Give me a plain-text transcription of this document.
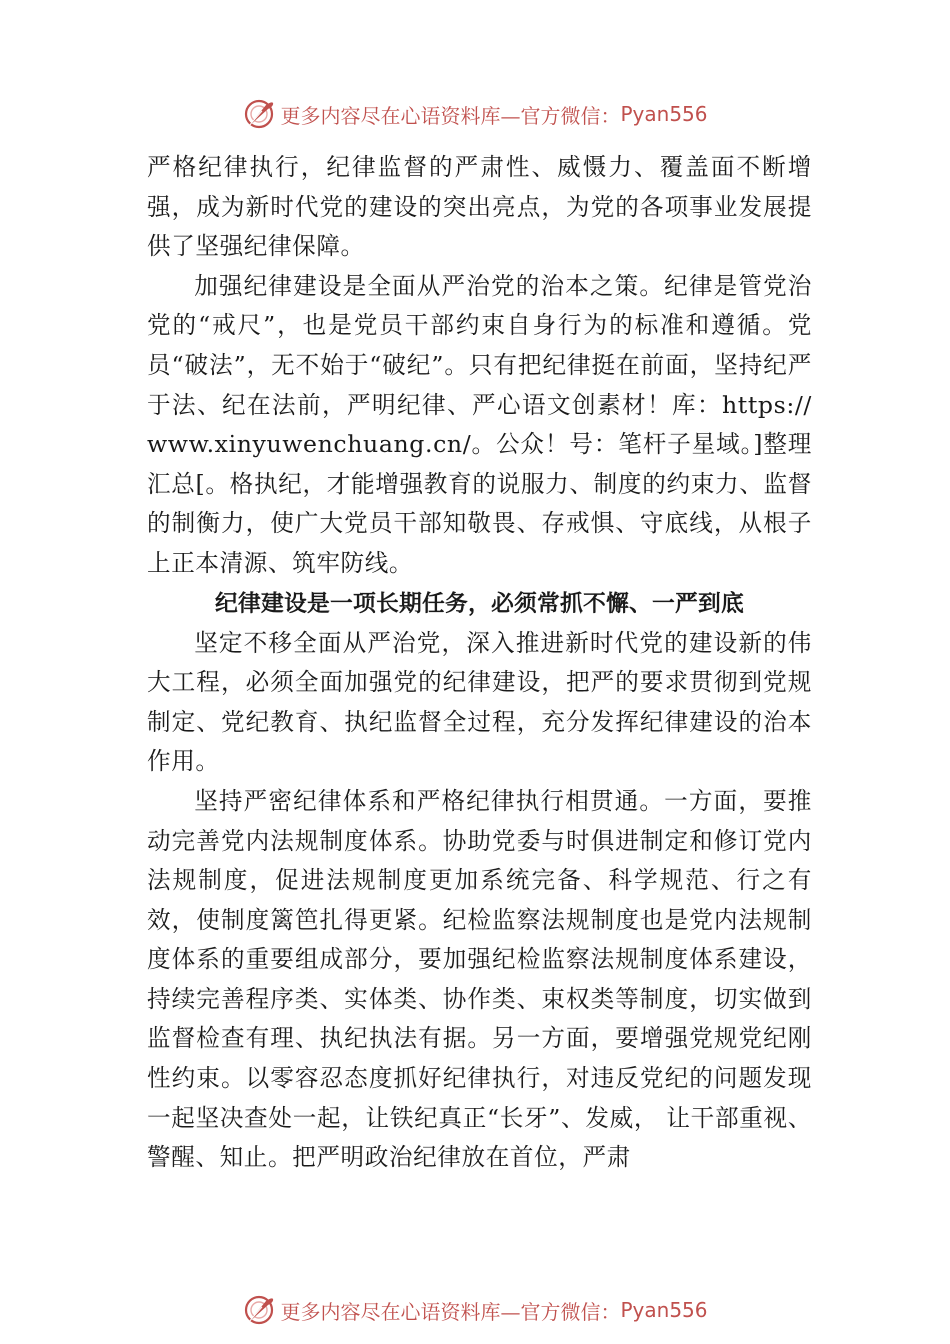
更多内容尽在心语资料库—官方微信： Pyan556

严格纪律执行，纪律监督的严肃性、威慑力、覆盖面不断增强，成为新时代党的建设的突出亮点，为党的各项事业发展提供了坚强纪律保障。

加强纪律建设是全面从严治党的治本之策。纪律是管党治党的“戒尺”，也是党员干部约束自身行为的标准和遵循。党员“破法”，无不始于“破纪”。只有把纪律挺在前面，坚持纪严于法、纪在法前，严明纪律、严心语文创素材！库：https://www.xinyuwenchuang.cn/。公众！号：笔杆子星域。]整理汇总[。格执纪，才能增强教育的说服力、制度的约束力、监督的制衡力，使广大党员干部知敬畏、存戒惧、守底线，从根子上正本清源、筑牢防线。

纪律建设是一项长期任务，必须常抓不懈、一严到底

坚定不移全面从严治党，深入推进新时代党的建设新的伟大工程，必须全面加强党的纪律建设，把严的要求贯彻到党规制定、党纪教育、执纪监督全过程，充分发挥纪律建设的治本作用。

坚持严密纪律体系和严格纪律执行相贯通。一方面，要推动完善党内法规制度体系。协助党委与时俱进制定和修订党内法规制度，促进法规制度更加系统完备、科学规范、行之有效，使制度篱笆扎得更紧。纪检监察法规制度也是党内法规制度体系的重要组成部分，要加强纪检监察法规制度体系建设，持续完善程序类、实体类、协作类、束权类等制度，切实做到监督检查有理、执纪执法有据。另一方面，要增强党规党纪刚性约束。以零容忍态度抓好纪律执行，对违反党纪的问题发现一起坚决查处一起，让铁纪真正“长牙”、发威， 让干部重视、警醒、知止。把严明政治纪律放在首位，严肃

更多内容尽在心语资料库—官方微信： Pyan556
